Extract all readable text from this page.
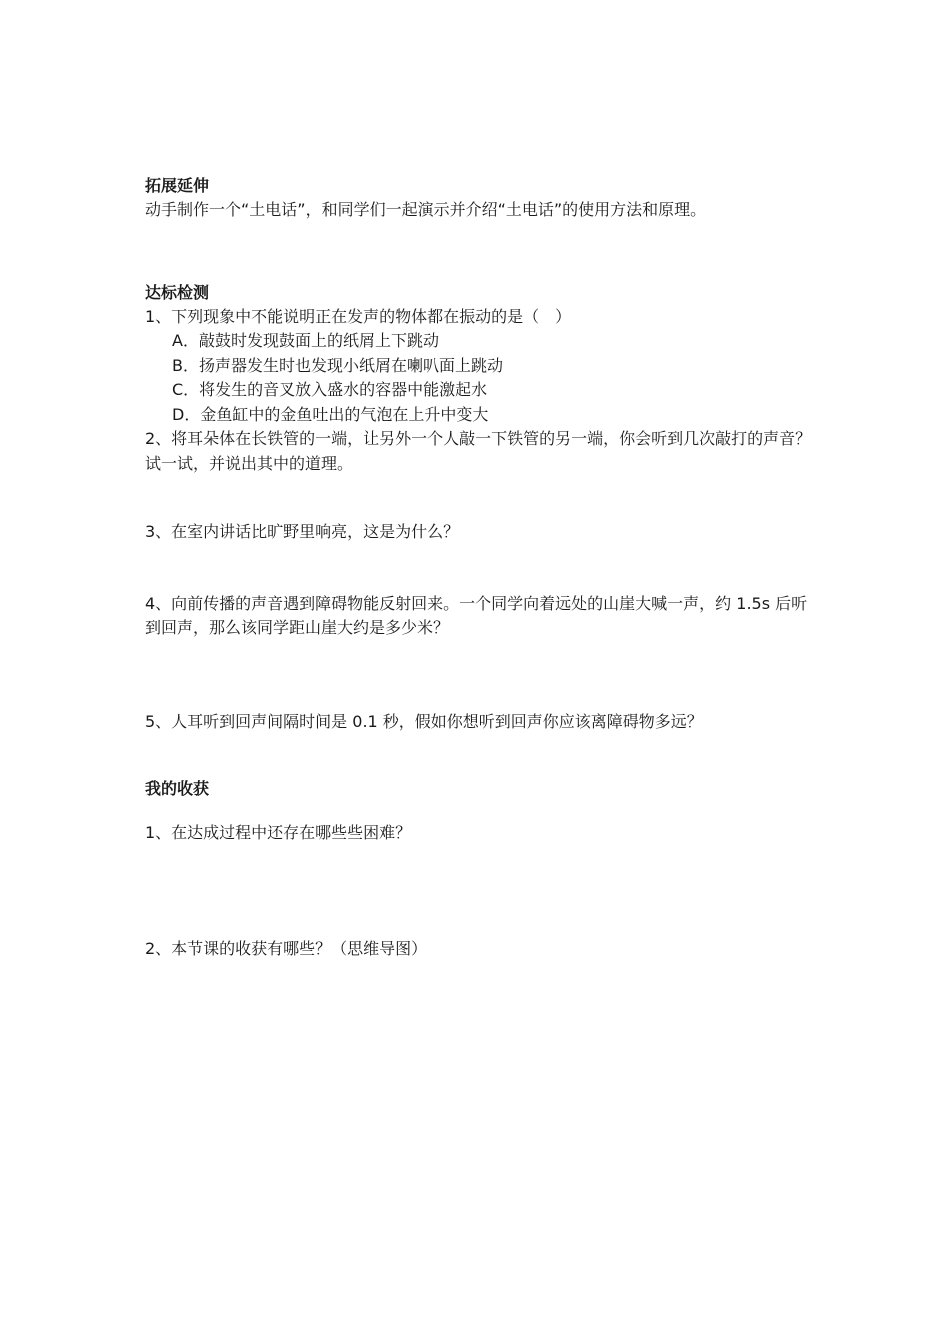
拓展延伸

动手制作一个“土电话”，和同学们一起演示并介绍“土电话”的使用方法和原理。

达标检测

1、下列现象中不能说明正在发声的物体都在振动的是（　）

A．敲鼓时发现鼓面上的纸屑上下跳动
B．扬声器发生时也发现小纸屑在喇叭面上跳动
C．将发生的音叉放入盛水的容器中能激起水
D．金鱼缸中的金鱼吐出的气泡在上升中变大

2、将耳朵体在长铁管的一端，让另外一个人敲一下铁管的另一端，你会听到几次敲打的声音？试一试，并说出其中的道理。

3、在室内讲话比旷野里响亮，这是为什么？

4、向前传播的声音遇到障碍物能反射回来。一个同学向着远处的山崖大喊一声，约 1.5s 后听到回声，那么该同学距山崖大约是多少米？

5、人耳听到回声间隔时间是 0.1 秒，假如你想听到回声你应该离障碍物多远？

我的收获

1、在达成过程中还存在哪些些困难？

2、本节课的收获有哪些？（思维导图）
